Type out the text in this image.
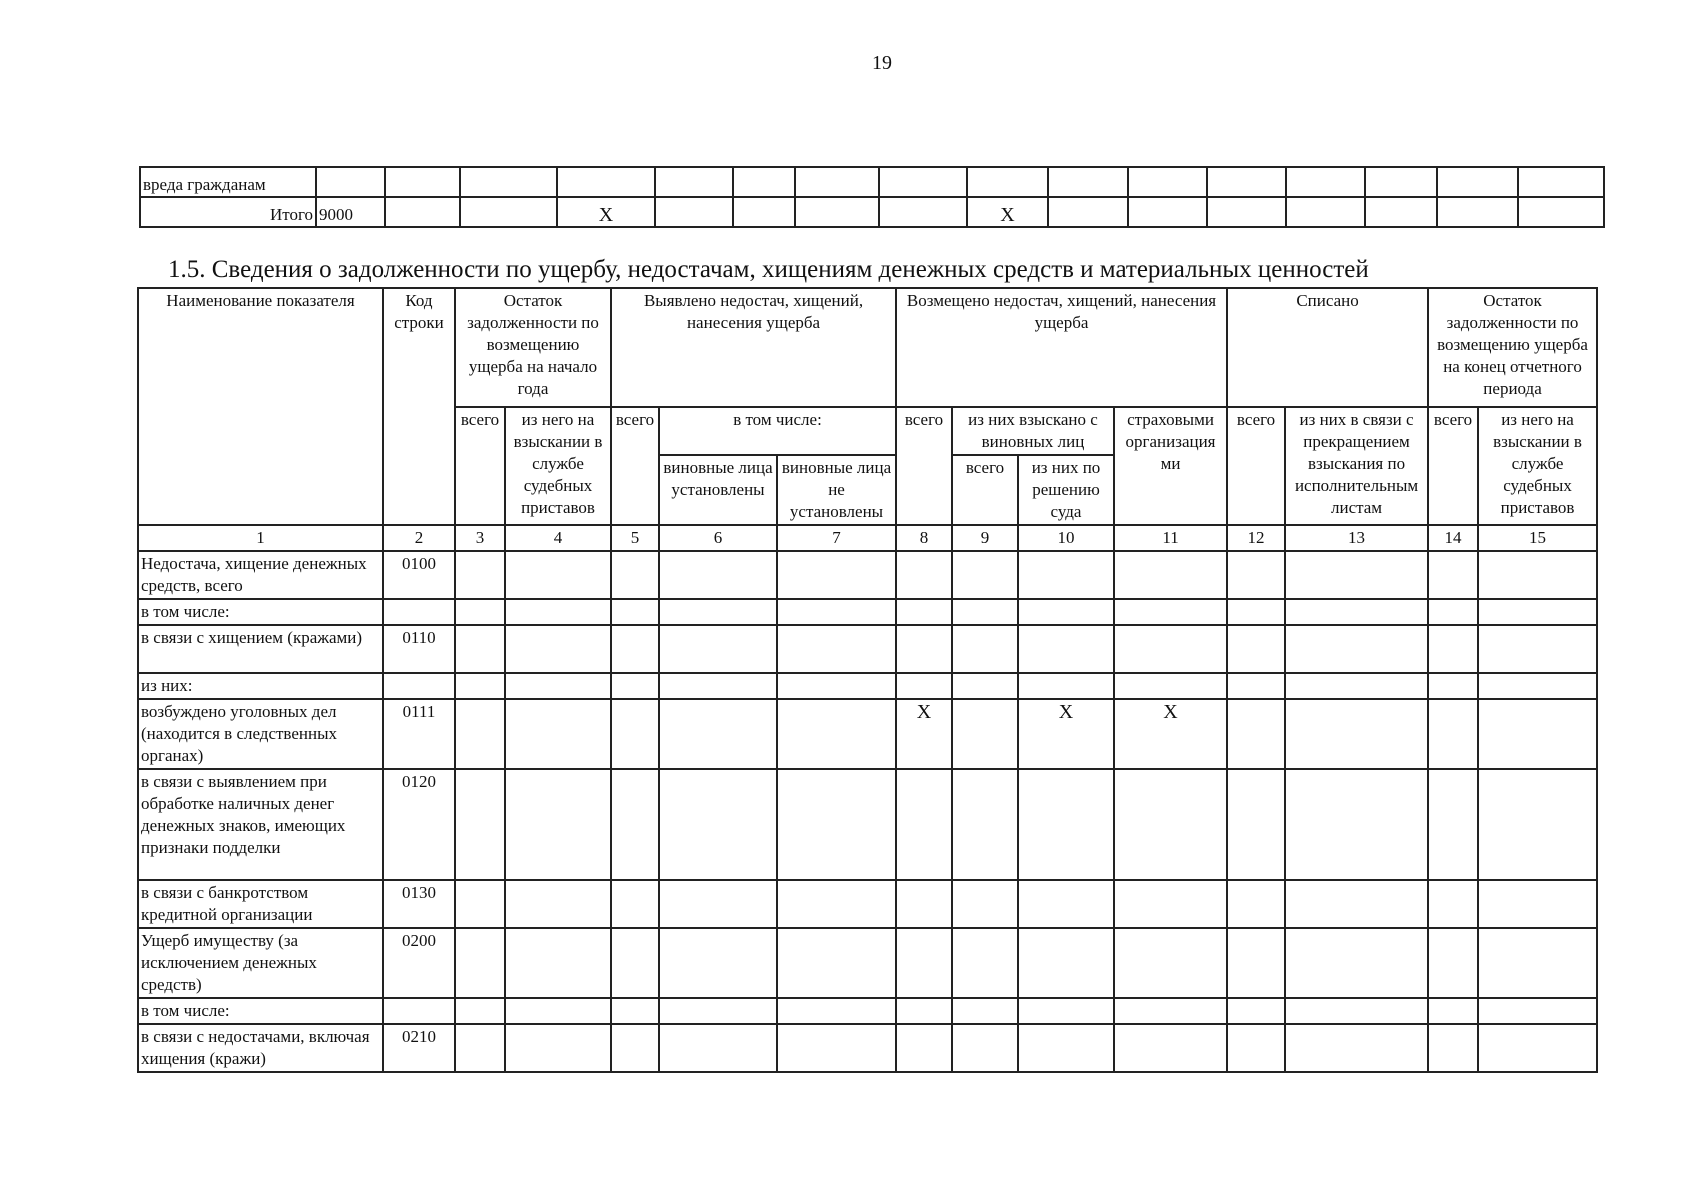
19
вреда гражданам																
Итого	9000			X					X							
1.5. Сведения о задолженности по ущербу, недостачам, хищениям денежных средств и материальных ценностей
Наименование показателя	Код строки	Остаток задолженности по возмещению ущерба на начало года		Выявлено недостач, хищений, нанесения ущерба			Возмещено недостач, хищений, нанесения ущерба				Списано		Остаток задолженности по возмещению ущерба на конец отчетного периода	
		всего	из него на взыскании в службе судебных приставов	всего	в том числе:		всего	из них взыскано с виновных лиц		страховыми организация ми	всего	из них в связи с прекращением взыскания по исполнительным листам	всего	из него на взыскании в службе судебных приставов
					виновные лица установлены	виновные лица не установлены		всего	из них по решению суда					
1	2	3	4	5	6	7	8	9	10	11	12	13	14	15
Недостача, хищение денежных средств, всего	0100													
в том числе:														
в связи с хищением (кражами)	0110													
из них:														
возбуждено уголовных дел (находится в следственных органах)	0111						X		X	X				
в связи с выявлением при обработке наличных денег денежных знаков, имеющих признаки подделки	0120													
в связи с банкротством кредитной организации	0130													
Ущерб имуществу (за исключением денежных средств)	0200													
в том числе:														
в связи с недостачами, включая хищения (кражи)	0210													
